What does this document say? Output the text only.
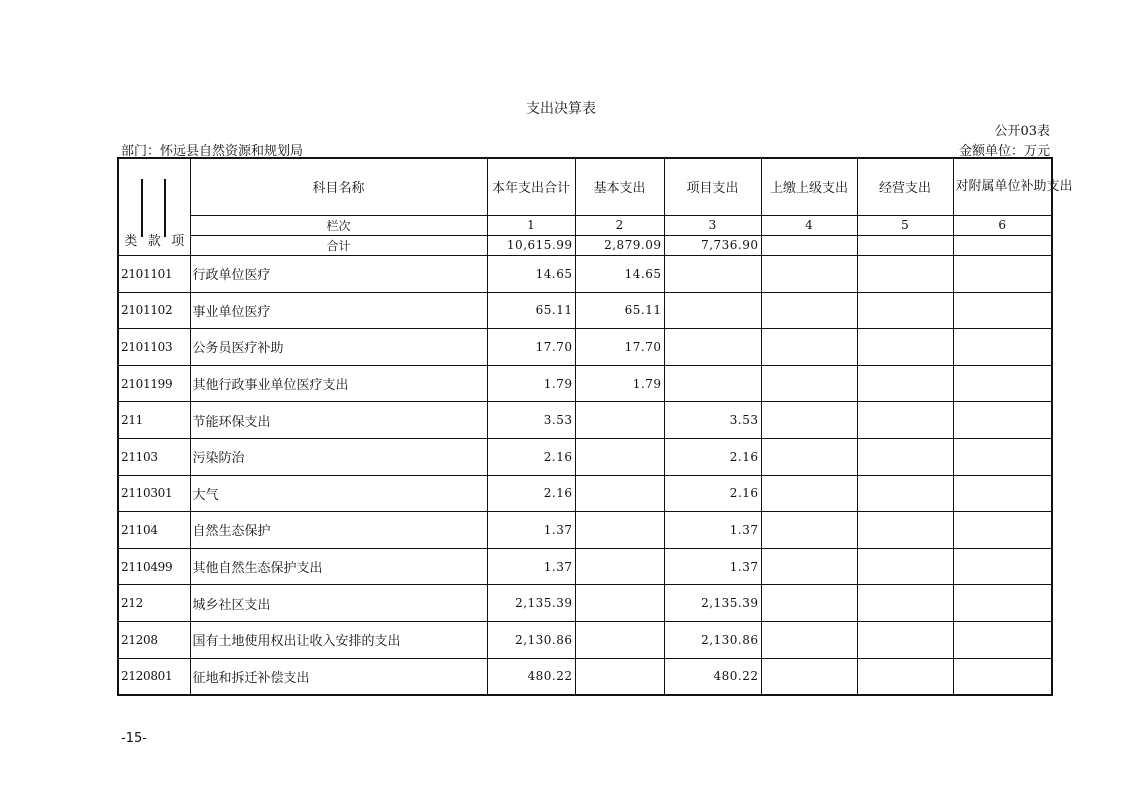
支出决算表
公开03表
部门：怀远县自然资源和规划局	金额单位：万元
类 款 项	科目名称	本年支出合计	基本支出	项目支出	上缴上级支出	经营支出	对附属单位补助支出
	栏次	1	2	3	4	5	6
	合计	10,615.99	2,879.09	7,736.90			
2101101	行政单位医疗	14.65	14.65				
2101102	事业单位医疗	65.11	65.11				
2101103	公务员医疗补助	17.70	17.70				
2101199	其他行政事业单位医疗支出	1.79	1.79				
211	节能环保支出	3.53		3.53			
21103	污染防治	2.16		2.16			
2110301	大气	2.16		2.16			
21104	自然生态保护	1.37		1.37			
2110499	其他自然生态保护支出	1.37		1.37			
212	城乡社区支出	2,135.39		2,135.39			
21208	国有土地使用权出让收入安排的支出	2,130.86		2,130.86			
2120801	征地和拆迁补偿支出	480.22		480.22			
-15-
